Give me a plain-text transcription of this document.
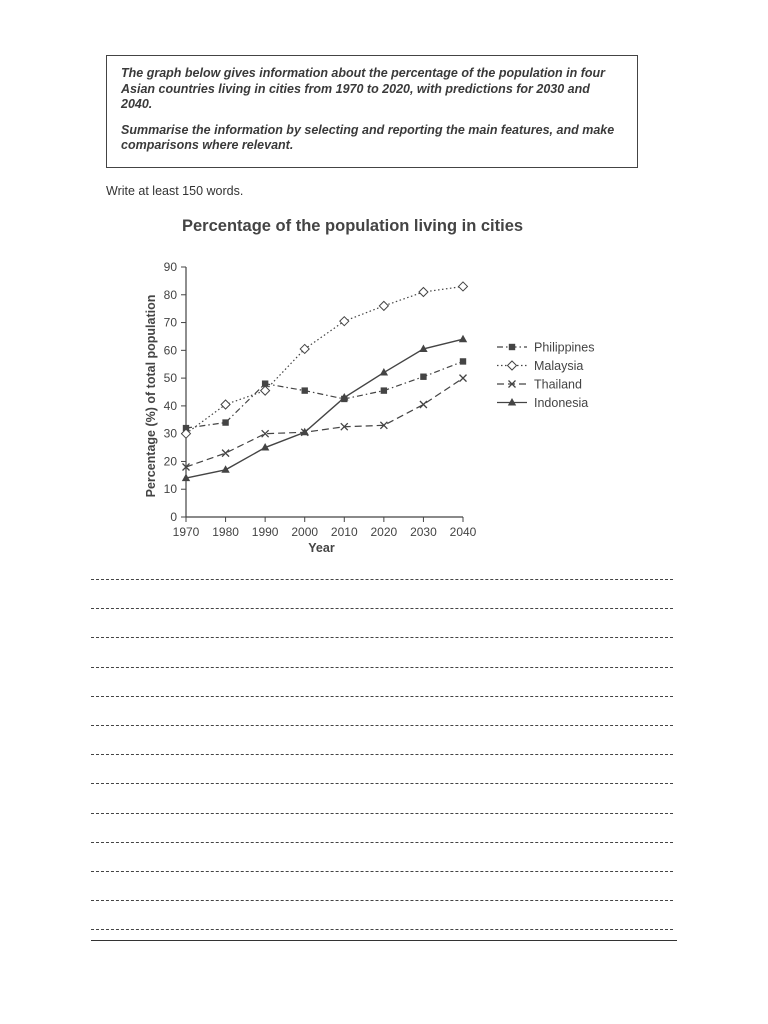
The graph below gives information about the percentage of the population in four Asian countries living in cities from 1970 to 2020, with predictions for 2030 and 2040.

Summarise the information by selecting and reporting the main features, and make comparisons where relevant.

Write at least 150 words.
Percentage of the population living in cities
0
10
20
30
40
50
60
70
80
90
1970 1980 1990 2000 2010 2020 2030 2040
Year
Percentage (%) of total population	Philippines
Malaysia
Thailand
Indonesia
